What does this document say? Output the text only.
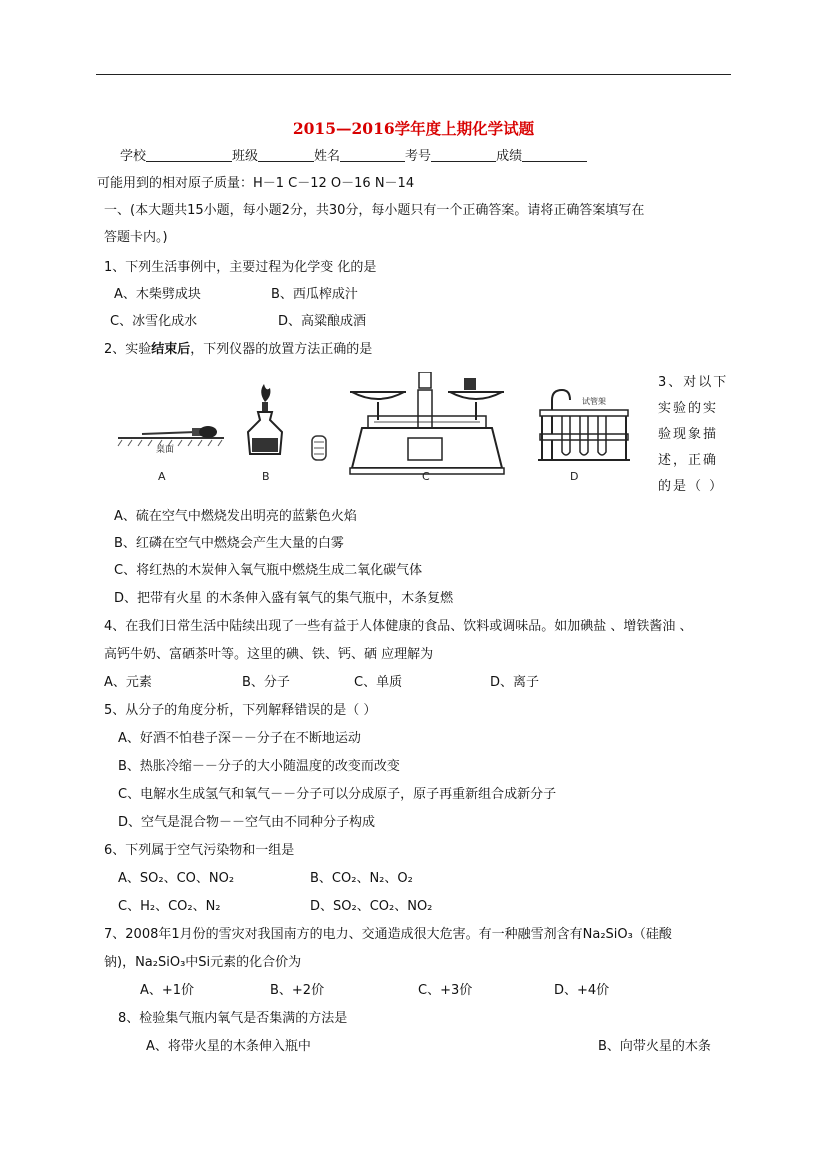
2015—2016学年度上期化学试题
学校	班级	姓名	考号	成绩
可能用到的相对原子质量：H－1 C－12 O－16 N－14
一、(本大题共15小题，每小题2分，共30分，每小题只有一个正确答案。请将正确答案填写在
答题卡内。)
1、下列生活事例中，主要过程为化学变 化的是
A、木柴劈成块	B、西瓜榨成汁
C、冰雪化成水	D、高粱酿成酒
2、实验结束后，下列仪器的放置方法正确的是
桌面
A	B	C
试管架
D
3、对以下
实验的实
验现象描
述，正确
的是（ ）
A、硫在空气中燃烧发出明亮的蓝紫色火焰
B、红磷在空气中燃烧会产生大量的白雾
C、将红热的木炭伸入氧气瓶中燃烧生成二氧化碳气体
D、把带有火星 的木条伸入盛有氧气的集气瓶中，木条复燃
4、在我们日常生活中陆续出现了一些有益于人体健康的食品、饮料或调味品。如加碘盐 、增铁酱油 、
高钙牛奶、富硒茶叶等。这里的碘、铁、钙、硒 应理解为
A、元素	B、分子	C、单质	D、离子
5、从分子的角度分析，下列解释错误的是（ ）
A、好酒不怕巷子深－－分子在不断地运动
B、热胀冷缩－－分子的大小随温度的改变而改变
C、电解水生成氢气和氧气－－分子可以分成原子，原子再重新组合成新分子
D、空气是混合物－－空气由不同种分子构成
6、下列属于空气污染物和一组是
A、SO₂、CO、NO₂	B、CO₂、N₂、O₂
C、H₂、CO₂、N₂	D、SO₂、CO₂、NO₂
7、2008年1月份的雪灾对我国南方的电力、交通造成很大危害。有一种融雪剂含有Na₂SiO₃（硅酸
钠)，Na₂SiO₃中Si元素的化合价为
A、+1价	B、+2价	C、+3价	D、+4价
8、检验集气瓶内氧气是否集满的方法是
A、将带火星的木条伸入瓶中	B、向带火星的木条
